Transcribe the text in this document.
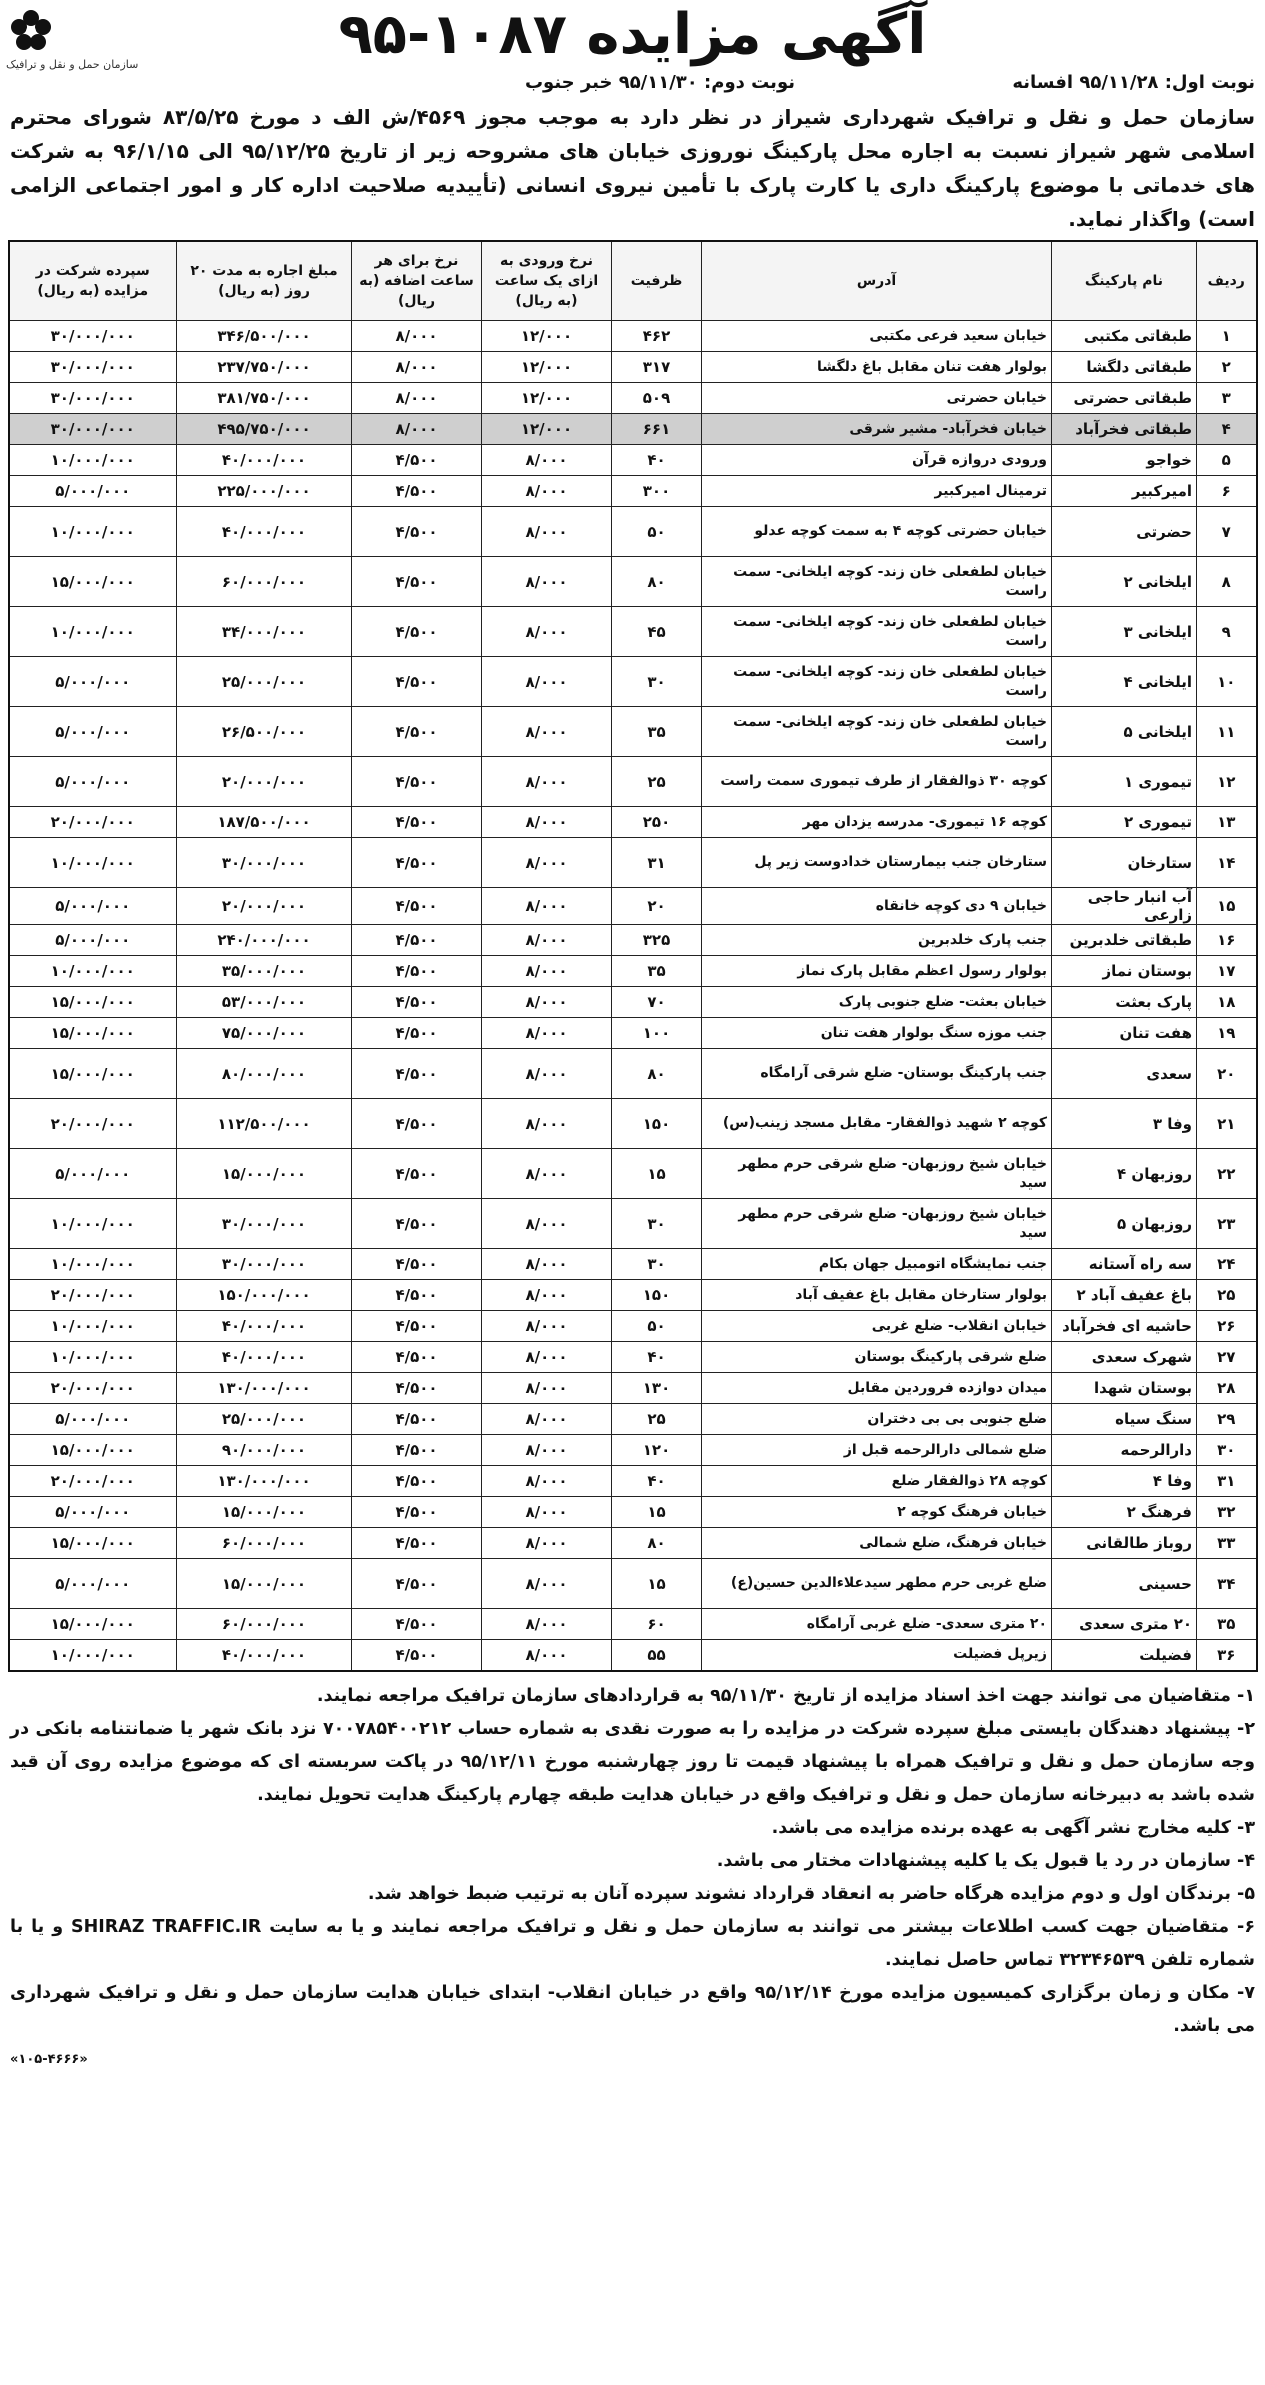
سازمان حمل و نقل و ترافیک	آگهی مزایده ۱۰۸۷-۹۵
نوبت اول: ۹۵/۱۱/۲۸ افسانه
نوبت دوم: ۹۵/۱۱/۳۰ خبر جنوب

سازمان حمل و نقل و ترافیک شهرداری شیراز در نظر دارد به موجب مجوز ۴۵۶۹/ش الف د مورخ ۸۳/۵/۲۵ شورای محترم اسلامی شهر شیراز نسبت به اجاره محل پارکینگ نوروزی خیابان های مشروحه زیر از تاریخ ۹۵/۱۲/۲۵ الی ۹۶/۱/۱۵ به شرکت های خدماتی با موضوع پارکینگ داری یا کارت پارک با تأمین نیروی انسانی (تأییدیه صلاحیت اداره کار و امور اجتماعی الزامی است) واگذار نماید.

ردیف	نام پارکینگ	آدرس	ظرفیت	نرخ ورودی به ازای یک ساعت (به ریال)	نرخ برای هر ساعت اضافه (به ریال)	مبلغ اجاره به مدت ۲۰ روز (به ریال)	سپرده شرکت در مزایده (به ریال)
۱	طبقاتی مکتبی	خیابان سعید فرعی مکتبی	۴۶۲	۱۲/۰۰۰	۸/۰۰۰	۳۴۶/۵۰۰/۰۰۰	۳۰/۰۰۰/۰۰۰
۲	طبقاتی دلگشا	بولوار هفت تنان مقابل باغ دلگشا	۳۱۷	۱۲/۰۰۰	۸/۰۰۰	۲۳۷/۷۵۰/۰۰۰	۳۰/۰۰۰/۰۰۰
۳	طبقاتی حضرتی	خیابان حضرتی	۵۰۹	۱۲/۰۰۰	۸/۰۰۰	۳۸۱/۷۵۰/۰۰۰	۳۰/۰۰۰/۰۰۰
۴	طبقاتی فخرآباد	خیابان فخرآباد- مشیر شرقی	۶۶۱	۱۲/۰۰۰	۸/۰۰۰	۴۹۵/۷۵۰/۰۰۰	۳۰/۰۰۰/۰۰۰
۵	خواجو	ورودی دروازه قرآن	۴۰	۸/۰۰۰	۴/۵۰۰	۴۰/۰۰۰/۰۰۰	۱۰/۰۰۰/۰۰۰
۶	امیرکبیر	ترمینال امیرکبیر	۳۰۰	۸/۰۰۰	۴/۵۰۰	۲۲۵/۰۰۰/۰۰۰	۵/۰۰۰/۰۰۰
۷	حضرتی	خیابان حضرتی کوچه ۴ به سمت کوچه عدلو	۵۰	۸/۰۰۰	۴/۵۰۰	۴۰/۰۰۰/۰۰۰	۱۰/۰۰۰/۰۰۰
۸	ایلخانی ۲	خیابان لطفعلی خان زند- کوچه ایلخانی- سمت راست	۸۰	۸/۰۰۰	۴/۵۰۰	۶۰/۰۰۰/۰۰۰	۱۵/۰۰۰/۰۰۰
۹	ایلخانی ۳	خیابان لطفعلی خان زند- کوچه ایلخانی- سمت راست	۴۵	۸/۰۰۰	۴/۵۰۰	۳۴/۰۰۰/۰۰۰	۱۰/۰۰۰/۰۰۰
۱۰	ایلخانی ۴	خیابان لطفعلی خان زند- کوچه ایلخانی- سمت راست	۳۰	۸/۰۰۰	۴/۵۰۰	۲۵/۰۰۰/۰۰۰	۵/۰۰۰/۰۰۰
۱۱	ایلخانی ۵	خیابان لطفعلی خان زند- کوچه ایلخانی- سمت راست	۳۵	۸/۰۰۰	۴/۵۰۰	۲۶/۵۰۰/۰۰۰	۵/۰۰۰/۰۰۰
۱۲	تیموری ۱	کوچه ۳۰ ذوالفقار از طرف تیموری سمت راست	۲۵	۸/۰۰۰	۴/۵۰۰	۲۰/۰۰۰/۰۰۰	۵/۰۰۰/۰۰۰
۱۳	تیموری ۲	کوچه ۱۶ تیموری- مدرسه یزدان مهر	۲۵۰	۸/۰۰۰	۴/۵۰۰	۱۸۷/۵۰۰/۰۰۰	۲۰/۰۰۰/۰۰۰
۱۴	ستارخان	ستارخان جنب بیمارستان خدادوست زیر پل	۳۱	۸/۰۰۰	۴/۵۰۰	۳۰/۰۰۰/۰۰۰	۱۰/۰۰۰/۰۰۰
۱۵	آب انبار حاجی زارعی	خیابان ۹ دی کوچه خانقاه	۲۰	۸/۰۰۰	۴/۵۰۰	۲۰/۰۰۰/۰۰۰	۵/۰۰۰/۰۰۰
۱۶	طبقاتی خلدبرین	جنب پارک خلدبرین	۳۲۵	۸/۰۰۰	۴/۵۰۰	۲۴۰/۰۰۰/۰۰۰	۵/۰۰۰/۰۰۰
۱۷	بوستان نماز	بولوار رسول اعظم مقابل پارک نماز	۳۵	۸/۰۰۰	۴/۵۰۰	۳۵/۰۰۰/۰۰۰	۱۰/۰۰۰/۰۰۰
۱۸	پارک بعثت	خیابان بعثت- ضلع جنوبی پارک	۷۰	۸/۰۰۰	۴/۵۰۰	۵۳/۰۰۰/۰۰۰	۱۵/۰۰۰/۰۰۰
۱۹	هفت تنان	جنب موزه سنگ بولوار هفت تنان	۱۰۰	۸/۰۰۰	۴/۵۰۰	۷۵/۰۰۰/۰۰۰	۱۵/۰۰۰/۰۰۰
۲۰	سعدی	جنب پارکینگ بوستان- ضلع شرقی آرامگاه	۸۰	۸/۰۰۰	۴/۵۰۰	۸۰/۰۰۰/۰۰۰	۱۵/۰۰۰/۰۰۰
۲۱	وفا ۳	کوچه ۲ شهید ذوالفقار- مقابل مسجد زینب(س)	۱۵۰	۸/۰۰۰	۴/۵۰۰	۱۱۲/۵۰۰/۰۰۰	۲۰/۰۰۰/۰۰۰
۲۲	روزبهان ۴	خیابان شیخ روزبهان- ضلع شرقی حرم مطهر سید	۱۵	۸/۰۰۰	۴/۵۰۰	۱۵/۰۰۰/۰۰۰	۵/۰۰۰/۰۰۰
۲۳	روزبهان ۵	خیابان شیخ روزبهان- ضلع شرقی حرم مطهر سید	۳۰	۸/۰۰۰	۴/۵۰۰	۳۰/۰۰۰/۰۰۰	۱۰/۰۰۰/۰۰۰
۲۴	سه راه آستانه	جنب نمایشگاه اتومبیل جهان بکام	۳۰	۸/۰۰۰	۴/۵۰۰	۳۰/۰۰۰/۰۰۰	۱۰/۰۰۰/۰۰۰
۲۵	باغ عفیف آباد ۲	بولوار ستارخان مقابل باغ عفیف آباد	۱۵۰	۸/۰۰۰	۴/۵۰۰	۱۵۰/۰۰۰/۰۰۰	۲۰/۰۰۰/۰۰۰
۲۶	حاشیه ای فخرآباد	خیابان انقلاب- ضلع غربی	۵۰	۸/۰۰۰	۴/۵۰۰	۴۰/۰۰۰/۰۰۰	۱۰/۰۰۰/۰۰۰
۲۷	شهرک سعدی	ضلع شرقی پارکینگ بوستان	۴۰	۸/۰۰۰	۴/۵۰۰	۴۰/۰۰۰/۰۰۰	۱۰/۰۰۰/۰۰۰
۲۸	بوستان شهدا	میدان دوازده فروردین مقابل	۱۳۰	۸/۰۰۰	۴/۵۰۰	۱۳۰/۰۰۰/۰۰۰	۲۰/۰۰۰/۰۰۰
۲۹	سنگ سیاه	ضلع جنوبی بی بی دختران	۲۵	۸/۰۰۰	۴/۵۰۰	۲۵/۰۰۰/۰۰۰	۵/۰۰۰/۰۰۰
۳۰	دارالرحمه	ضلع شمالی دارالرحمه قبل از	۱۲۰	۸/۰۰۰	۴/۵۰۰	۹۰/۰۰۰/۰۰۰	۱۵/۰۰۰/۰۰۰
۳۱	وفا ۴	کوچه ۲۸ ذوالفقار ضلع	۴۰	۸/۰۰۰	۴/۵۰۰	۱۳۰/۰۰۰/۰۰۰	۲۰/۰۰۰/۰۰۰
۳۲	فرهنگ ۲	خیابان فرهنگ کوچه ۲	۱۵	۸/۰۰۰	۴/۵۰۰	۱۵/۰۰۰/۰۰۰	۵/۰۰۰/۰۰۰
۳۳	روباز طالقانی	خیابان فرهنگ، ضلع شمالی	۸۰	۸/۰۰۰	۴/۵۰۰	۶۰/۰۰۰/۰۰۰	۱۵/۰۰۰/۰۰۰
۳۴	حسینی	ضلع غربی حرم مطهر سیدعلاءالدین حسین(ع)	۱۵	۸/۰۰۰	۴/۵۰۰	۱۵/۰۰۰/۰۰۰	۵/۰۰۰/۰۰۰
۳۵	۲۰ متری سعدی	۲۰ متری سعدی- ضلع غربی آرامگاه	۶۰	۸/۰۰۰	۴/۵۰۰	۶۰/۰۰۰/۰۰۰	۱۵/۰۰۰/۰۰۰
۳۶	فضیلت	زیرپل فضیلت	۵۵	۸/۰۰۰	۴/۵۰۰	۴۰/۰۰۰/۰۰۰	۱۰/۰۰۰/۰۰۰
۱- متقاضیان می توانند جهت اخذ اسناد مزایده از تاریخ ۹۵/۱۱/۳۰ به قراردادهای سازمان ترافیک مراجعه نمایند.
۲- پیشنهاد دهندگان بایستی مبلغ سپرده شرکت در مزایده را به صورت نقدی به شماره حساب ۷۰۰۷۸۵۴۰۰۲۱۲ نزد بانک شهر یا ضمانتنامه بانکی در وجه سازمان حمل و نقل و ترافیک همراه با پیشنهاد قیمت تا روز چهارشنبه مورخ ۹۵/۱۲/۱۱ در پاکت سربسته ای که موضوع مزایده روی آن قید شده باشد به دبیرخانه سازمان حمل و نقل و ترافیک واقع در خیابان هدایت طبقه چهارم پارکینگ هدایت تحویل نمایند.
۳- کلیه مخارج نشر آگهی به عهده برنده مزایده می باشد.
۴- سازمان در رد یا قبول یک یا کلیه پیشنهادات مختار می باشد.
۵- برندگان اول و دوم مزایده هرگاه حاضر به انعقاد قرارداد نشوند سپرده آنان به ترتیب ضبط خواهد شد.
۶- متقاضیان جهت کسب اطلاعات بیشتر می توانند به سازمان حمل و نقل و ترافیک مراجعه نمایند و یا به سایت SHIRAZ TRAFFIC.IR و یا با شماره تلفن ۳۲۳۴۶۵۳۹ تماس حاصل نمایند.
۷- مکان و زمان برگزاری کمیسیون مزایده مورخ ۹۵/۱۲/۱۴ واقع در خیابان انقلاب- ابتدای خیابان هدایت سازمان حمل و نقل و ترافیک شهرداری می باشد.
«۱۰۵-۴۶۶۶»
